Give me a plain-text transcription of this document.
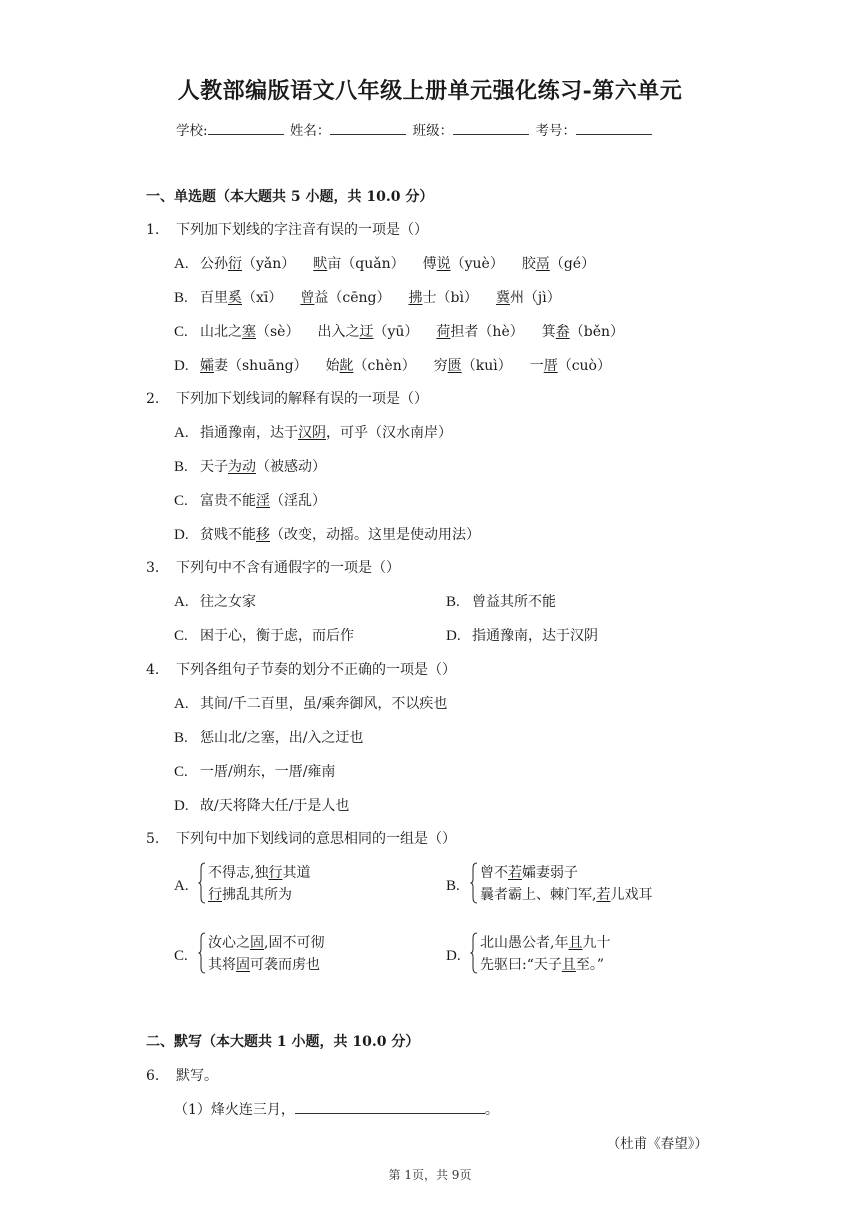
人教部编版语文八年级上册单元强化练习-第六单元
学校:	姓名：	班级：	考号：
一、单选题（本大题共 5 小题，共 10.0 分）
1. 下列加下划线的字注音有误的一项是（）
A. 公孙衍（yǎn） 畎亩（quǎn） 傅说（yuè） 胶鬲（gé）
B. 百里奚（xī） 曾益（cēng） 拂士（bì） 冀州（jì）
C. 山北之塞（sè） 出入之迂（yū） 荷担者（hè） 箕畚（běn）
D. 孀妻（shuāng） 始龀（chèn） 穷匮（kuì） 一厝（cuò）
2. 下列加下划线词的解释有误的一项是（）
A. 指通豫南，达于汉阴，可乎（汉水南岸）
B. 天子为动（被感动）
C. 富贵不能淫（淫乱）
D. 贫贱不能移（改变，动摇。这里是使动用法）
3. 下列句中不含有通假字的一项是（）
A. 往之女家	B. 曾益其所不能
C. 困于心，衡于虑，而后作	D. 指通豫南，达于汉阴
4. 下列各组句子节奏的划分不正确的一项是（）
A. 其间/千二百里，虽/乘奔御风，不以疾也
B. 惩山北/之塞，出/入之迂也
C. 一厝/朔东，一厝/雍南
D. 故/天将降大任/于是人也
5. 下列句中加下划线词的意思相同的一组是（）
A.
不得志,独行其道
行拂乱其所为
B.
曾不若孀妻弱子
曩者霸上、棘门军,若儿戏耳
C.
汝心之固,固不可彻
其将固可袭而虏也
D.
北山愚公者,年且九十
先驱曰:“天子且至。”
二、默写（本大题共 1 小题，共 10.0 分）
6. 默写。
（1）烽火连三月，	。
（杜甫《春望》）
第 1页，共 9页
